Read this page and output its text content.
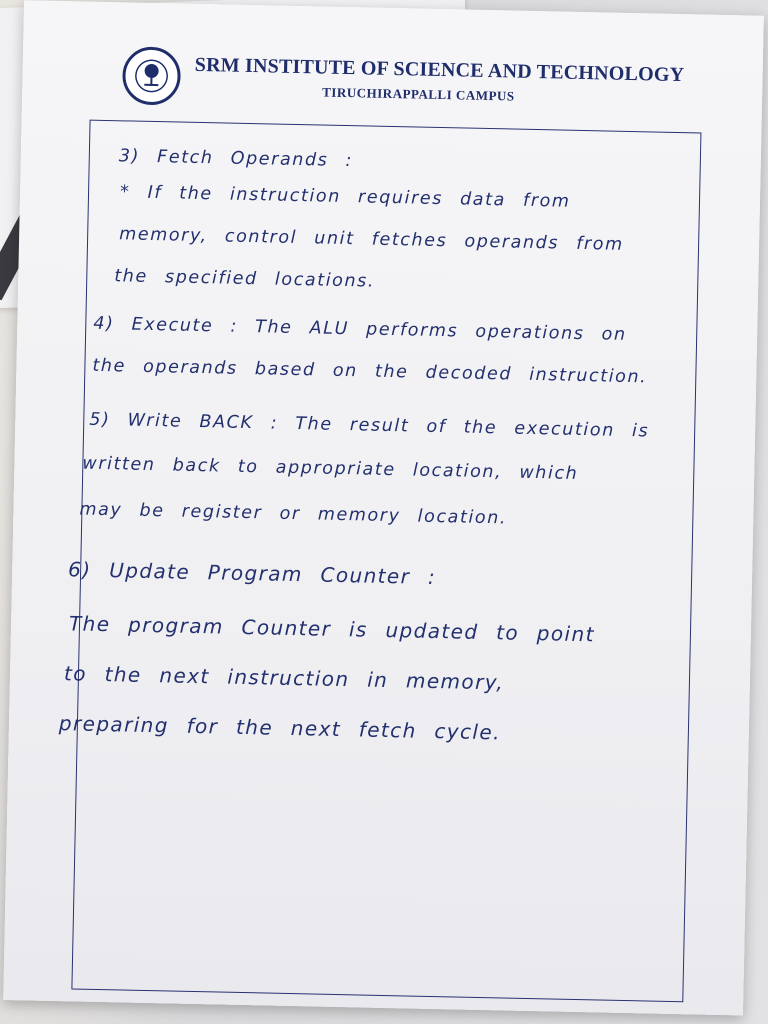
SRM INSTITUTE OF SCIENCE AND TECHNOLOGY
TIRUCHIRAPPALLI CAMPUS
3) Fetch Operands :
* If the instruction requires data from
memory, control unit fetches operands from
the specified locations.
4) Execute : The ALU performs operations on
the operands based on the decoded instruction.
5) Write BACK : The result of the execution is
written back to appropriate location, which
may be register or memory location.
6) Update Program Counter :
The program Counter is updated to point
to the next instruction in memory,
preparing for the next fetch cycle.
